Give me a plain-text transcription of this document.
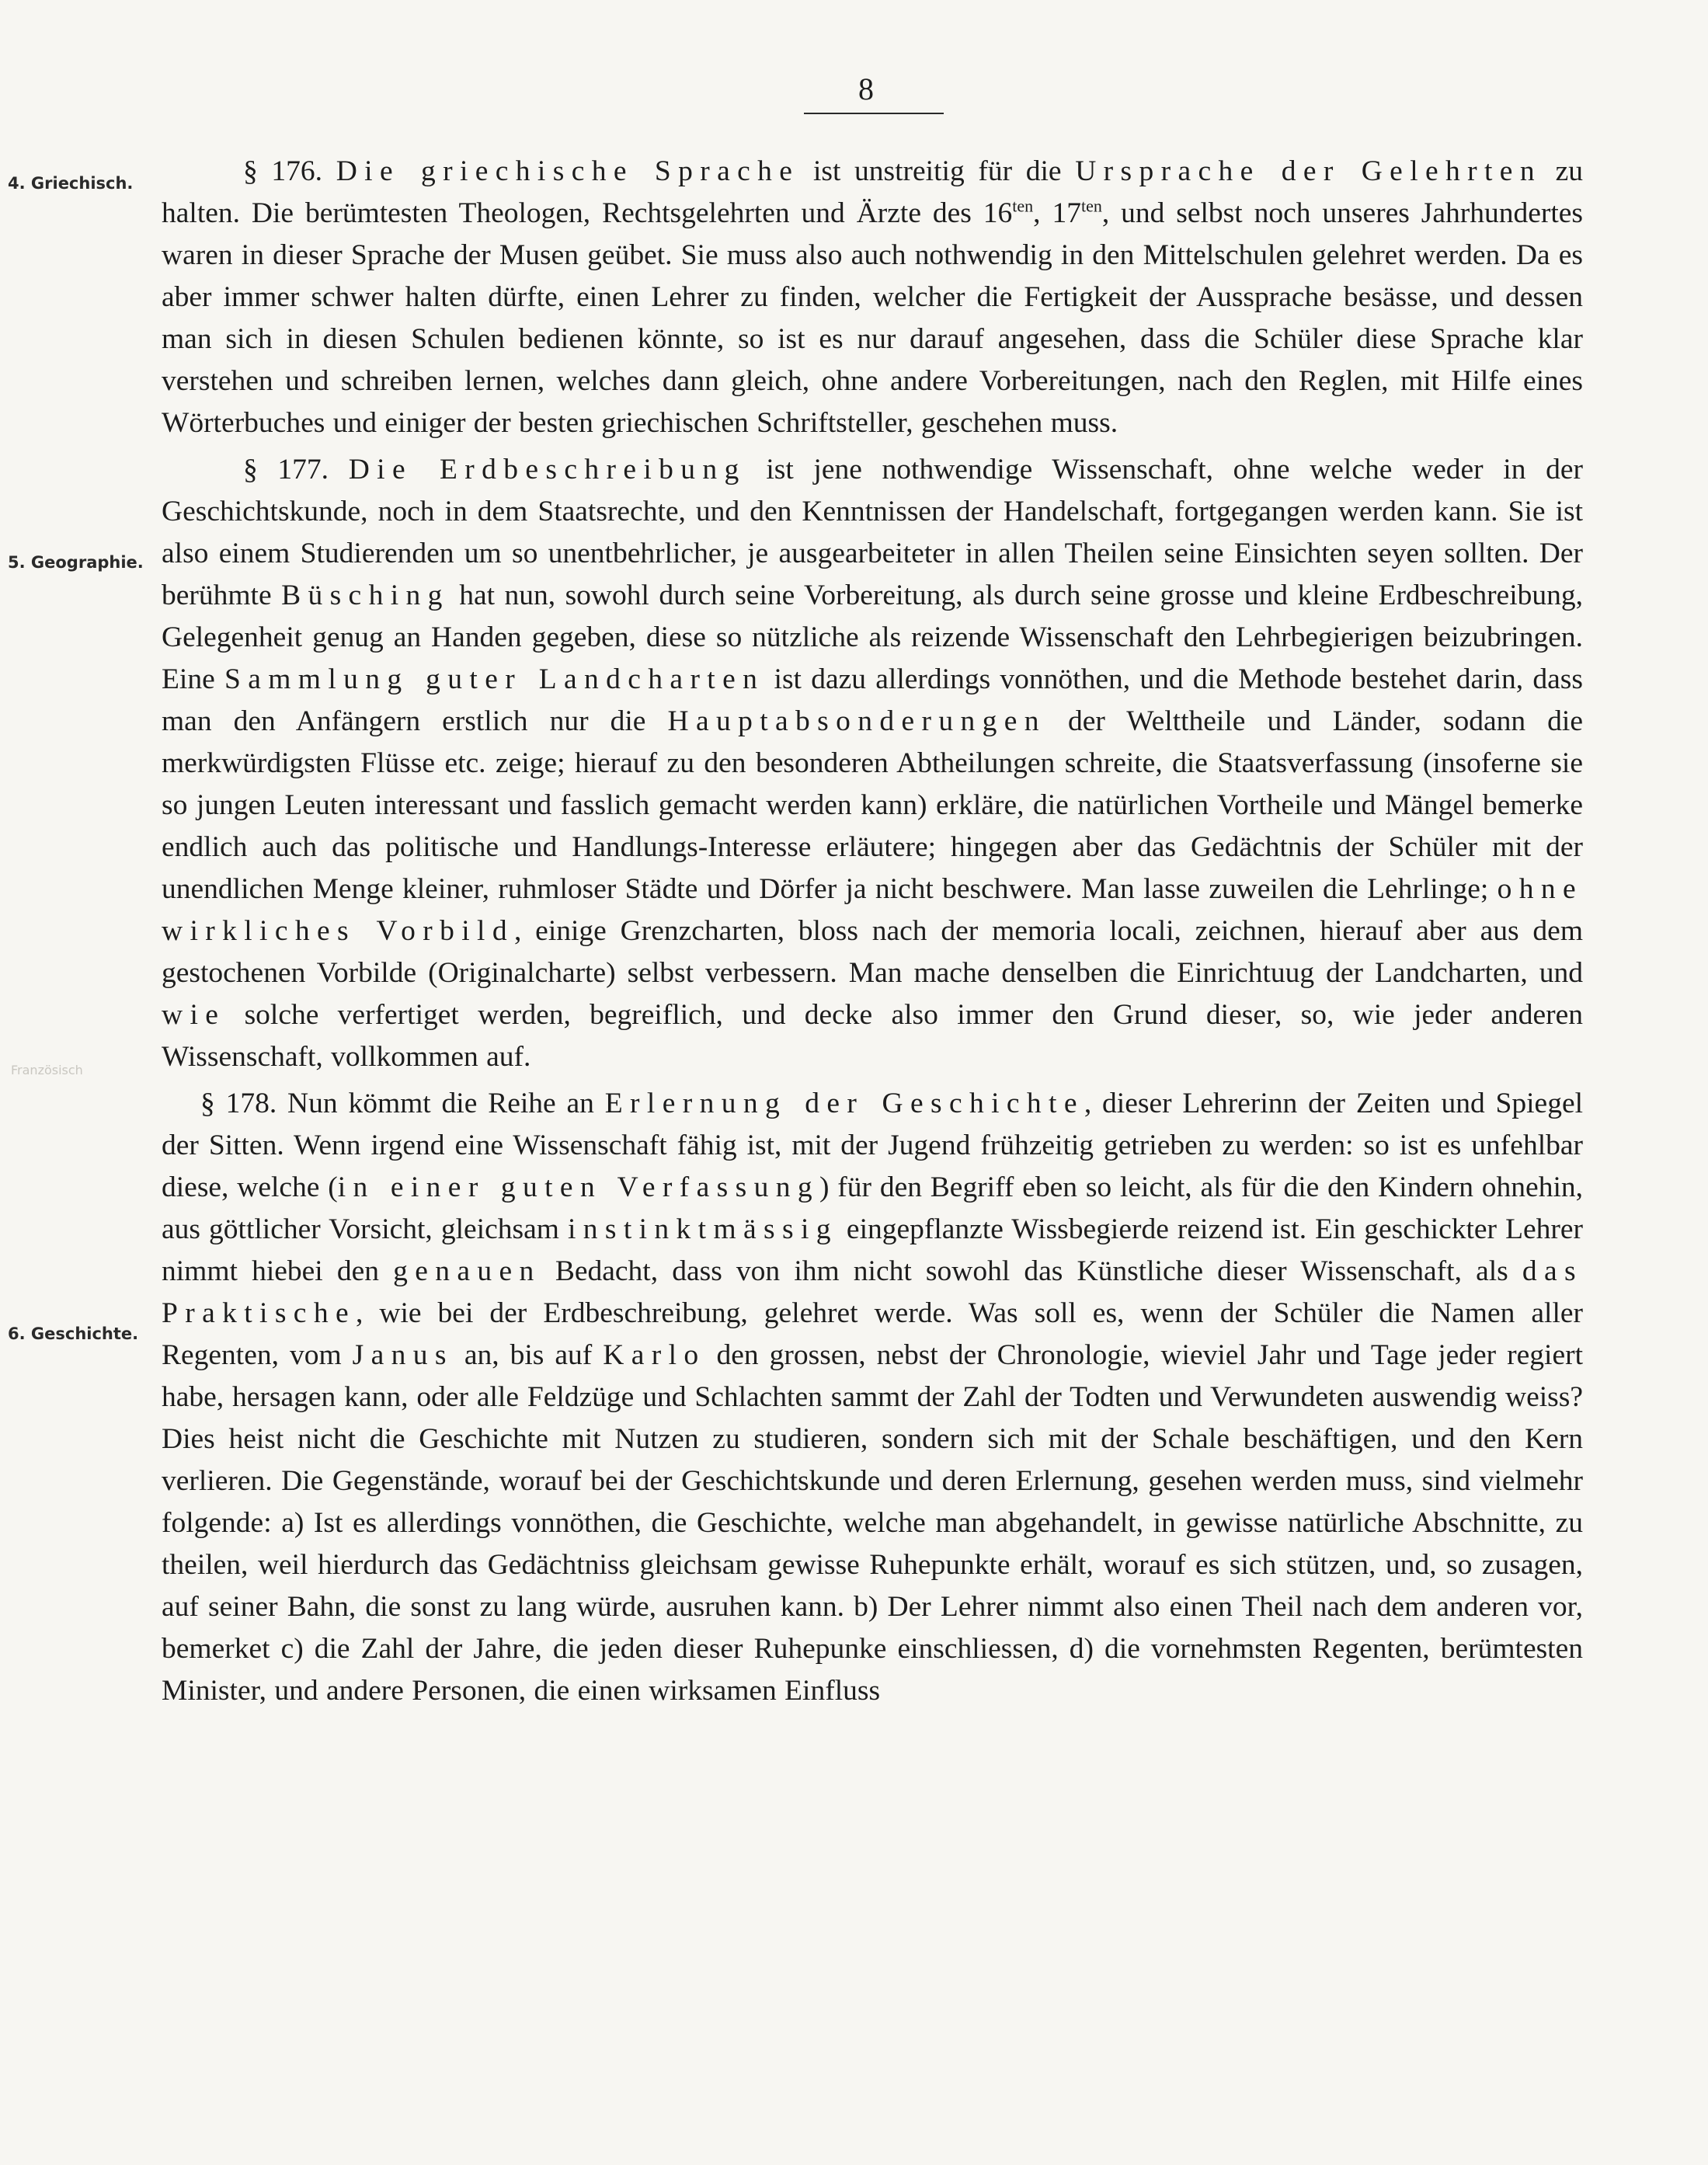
8
4. Griechisch.
5. Geographie.
6. Geschichte.
Französisch

§ 176. Die griechische Sprache ist unstreitig für die Ursprache der Gelehrten zu halten. Die berümtesten Theologen, Rechtsgelehrten und Ärzte des $16^{ten}$, $17^{ten}$, und selbst noch unseres Jahrhundertes waren in dieser Sprache der Musen geübet. Sie muss also auch nothwendig in den Mittelschulen gelehret werden. Da es aber immer schwer halten dürfte, einen Lehrer zu finden, welcher die Fertigkeit der Aussprache besässe, und dessen man sich in diesen Schulen bedienen könnte, so ist es nur darauf angesehen, dass die Schüler diese Sprache klar verstehen und schreiben lernen, welches dann gleich, ohne andere Vorbereitungen, nach den Reglen, mit Hilfe eines Wörterbuches und einiger der besten griechischen Schriftsteller, geschehen muss.

§ 177. Die Erdbeschreibung ist jene nothwendige Wissenschaft, ohne welche weder in der Geschichtskunde, noch in dem Staatsrechte, und den Kenntnissen der Handelschaft, fortgegangen werden kann. Sie ist also einem Studierenden um so unentbehrlicher, je ausgearbeiteter in allen Theilen seine Einsichten seyen sollten. Der berühmte Büsching hat nun, sowohl durch seine Vorbereitung, als durch seine grosse und kleine Erdbeschreibung, Gelegenheit genug an Handen gegeben, diese so nützliche als reizende Wissenschaft den Lehrbegierigen beizubringen. Eine Sammlung guter Landcharten ist dazu allerdings vonnöthen, und die Methode bestehet darin, dass man den Anfängern erstlich nur die Hauptabsonderungen der Welttheile und Länder, sodann die merkwürdigsten Flüsse etc. zeige; hierauf zu den besonderen Abtheilungen schreite, die Staatsverfassung (insoferne sie so jungen Leuten interessant und fasslich gemacht werden kann) erkläre, die natürlichen Vortheile und Mängel bemerke endlich auch das politische und Handlungs-Interesse erläutere; hingegen aber das Gedächtnis der Schüler mit der unendlichen Menge kleiner, ruhmloser Städte und Dörfer ja nicht beschwere. Man lasse zuweilen die Lehrlinge; ohne wirkliches Vorbild, einige Grenzcharten, bloss nach der memoria locali, zeichnen, hierauf aber aus dem gestochenen Vorbilde (Originalcharte) selbst verbessern. Man mache denselben die Einrichtuug der Landcharten, und wie solche verfertiget werden, begreiflich, und decke also immer den Grund dieser, so, wie jeder anderen Wissenschaft, vollkommen auf.

§ 178. Nun kömmt die Reihe an Erlernung der Geschichte, dieser Lehrerinn der Zeiten und Spiegel der Sitten. Wenn irgend eine Wissenschaft fähig ist, mit der Jugend frühzeitig getrieben zu werden: so ist es unfehlbar diese, welche (in einer guten Verfassung) für den Begriff eben so leicht, als für die den Kindern ohnehin, aus göttlicher Vorsicht, gleichsam instinktmässig eingepflanzte Wissbegierde reizend ist. Ein geschickter Lehrer nimmt hiebei den genauen Bedacht, dass von ihm nicht sowohl das Künstliche dieser Wissenschaft, als das Praktische, wie bei der Erdbeschreibung, gelehret werde. Was soll es, wenn der Schüler die Namen aller Regenten, vom Janus an, bis auf Karlo den grossen, nebst der Chronologie, wieviel Jahr und Tage jeder regiert habe, hersagen kann, oder alle Feldzüge und Schlachten sammt der Zahl der Todten und Verwundeten auswendig weiss? Dies heist nicht die Geschichte mit Nutzen zu studieren, sondern sich mit der Schale beschäftigen, und den Kern verlieren. Die Gegenstände, worauf bei der Geschichtskunde und deren Erlernung, gesehen werden muss, sind vielmehr folgende: a) Ist es allerdings vonnöthen, die Geschichte, welche man abgehandelt, in gewisse natürliche Abschnitte, zu theilen, weil hierdurch das Gedächtniss gleichsam gewisse Ruhepunkte erhält, worauf es sich stützen, und, so zusagen, auf seiner Bahn, die sonst zu lang würde, ausruhen kann. b) Der Lehrer nimmt also einen Theil nach dem anderen vor, bemerket c) die Zahl der Jahre, die jeden dieser Ruhepunke einschliessen, d) die vornehmsten Regenten, berümtesten Minister, und andere Personen, die einen wirksamen Einfluss
